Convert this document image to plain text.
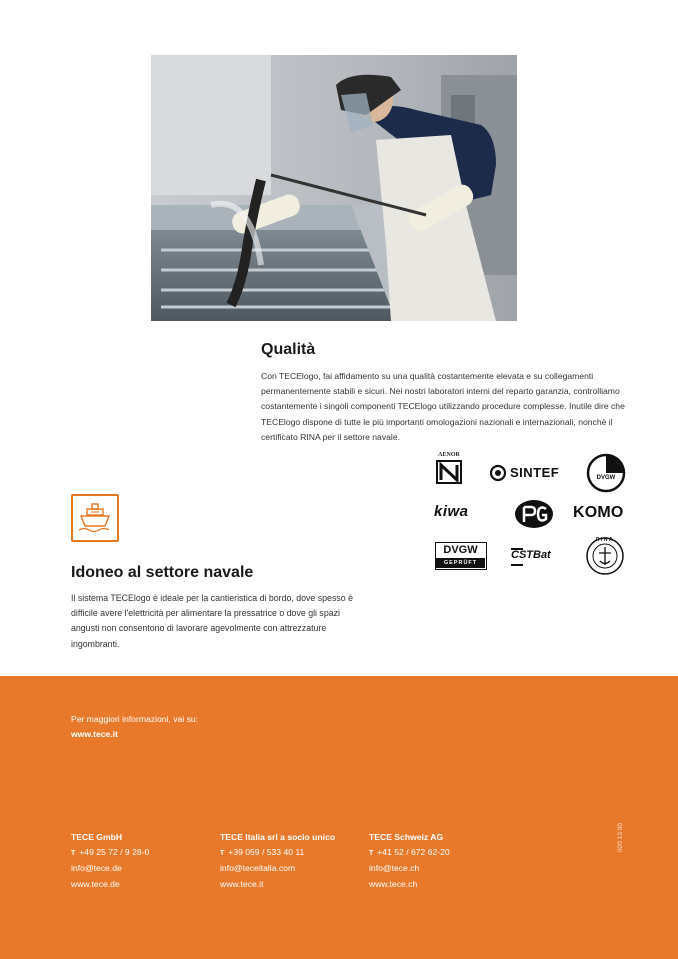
Qualità
Con TECElogo, fai affidamento su una qualità costantemente elevata e su collegamenti permanentemente stabili e sicuri. Nei nostri laboratori interni del reparto garanzia, controlliamo costantemente i singoli componenti TECElogo utilizzando procedure complesse. Inutile dire che TECElogo dispone di tutte le più importanti omologazioni nazionali e internazionali, nonchè il certificato RINA per il settore navale.
AENOR
SINTEF	DVGW
kiwa	KOMO
DVGW
GEPRÜFT
CSTBat
RINA
Idoneo al settore navale
Il sistema TECElogo è ideale per la cantieristica di bordo, dove spesso è difficile avere l'elettricità per alimentare la pressatrice o dove gli spazi angusti non consentono di lavorare agevolmente con attrezzature ingombranti.
Per maggiori informazioni, vai su:
www.tece.it
TECE GmbH
T +49 25 72 / 9 28-0
info@tece.de
www.tece.de
TECE Italia srl a socio unico
T +39 059 / 533 40 11
info@teceitalia.com
www.tece.it
TECE Schweiz AG
T +41 52 / 672 62-20
info@tece.ch
www.tece.ch
020 13 00
